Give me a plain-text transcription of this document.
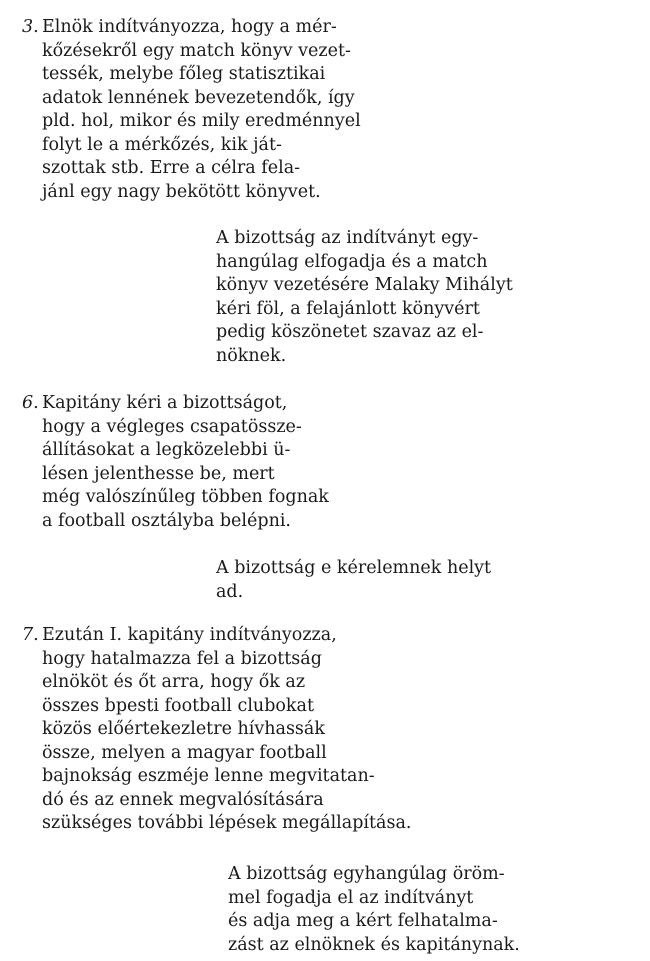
3. Elnök indítványozza, hogy a mér-
kőzésekről egy match könyv vezet-
tessék, melybe főleg statisztikai
adatok lennének bevezetendők, így
pld. hol, mikor és mily eredménnyel
folyt le a mérkőzés, kik ját-
szottak stb. Erre a célra fela-
jánl egy nagy bekötött könyvet.
A bizottság az indítványt egy-
hangúlag elfogadja és a match
könyv vezetésére Malaky Mihályt
kéri föl, a felajánlott könyvért
pedig köszönetet szavaz az el-
nöknek.
6. Kapitány kéri a bizottságot,
hogy a végleges csapatössze-
állításokat a legközelebbi ü-
lésen jelenthesse be, mert
még valószínűleg többen fognak
a football osztályba belépni.
A bizottság e kérelemnek helyt
ad.
7. Ezután I. kapitány indítványozza,
hogy hatalmazza fel a bizottság
elnököt és őt arra, hogy ők az
összes bpesti football clubokat
közös előértekezletre hívhassák
össze, melyen a magyar football
bajnokság eszméje lenne megvitatan-
dó és az ennek megvalósítására
szükséges további lépések megállapítása.
A bizottság egyhangúlag öröm-
mel fogadja el az indítványt
és adja meg a kért felhatalma-
zást az elnöknek és kapitánynak.
